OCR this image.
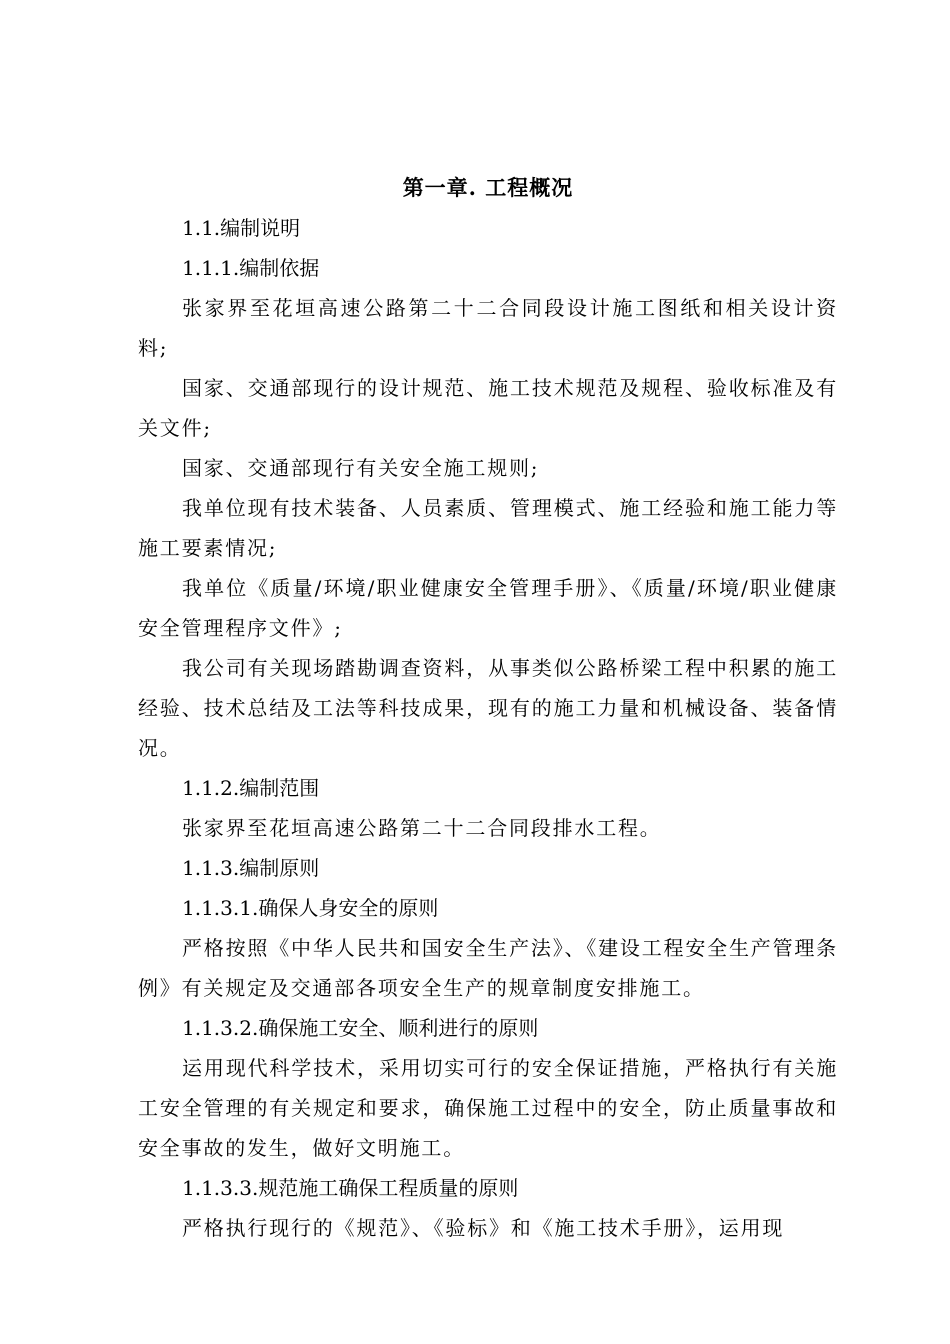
第一章. 工程概况
1.1.编制说明
1.1.1.编制依据
张家界至花垣高速公路第二十二合同段设计施工图纸和相关设计资料;
国家、交通部现行的设计规范、施工技术规范及规程、验收标准及有关文件;
国家、交通部现行有关安全施工规则;
我单位现有技术装备、人员素质、管理模式、施工经验和施工能力等施工要素情况;
我单位《质量/环境/职业健康安全管理手册》、《质量/环境/职业健康安全管理程序文件》;
我公司有关现场踏勘调查资料，从事类似公路桥梁工程中积累的施工经验、技术总结及工法等科技成果，现有的施工力量和机械设备、装备情况。
1.1.2.编制范围
张家界至花垣高速公路第二十二合同段排水工程。
1.1.3.编制原则
1.1.3.1.确保人身安全的原则
严格按照《中华人民共和国安全生产法》、《建设工程安全生产管理条例》有关规定及交通部各项安全生产的规章制度安排施工。
1.1.3.2.确保施工安全、顺利进行的原则
运用现代科学技术，采用切实可行的安全保证措施，严格执行有关施工安全管理的有关规定和要求，确保施工过程中的安全，防止质量事故和安全事故的发生，做好文明施工。
1.1.3.3.规范施工确保工程质量的原则
严格执行现行的《规范》、《验标》和《施工技术手册》，运用现
